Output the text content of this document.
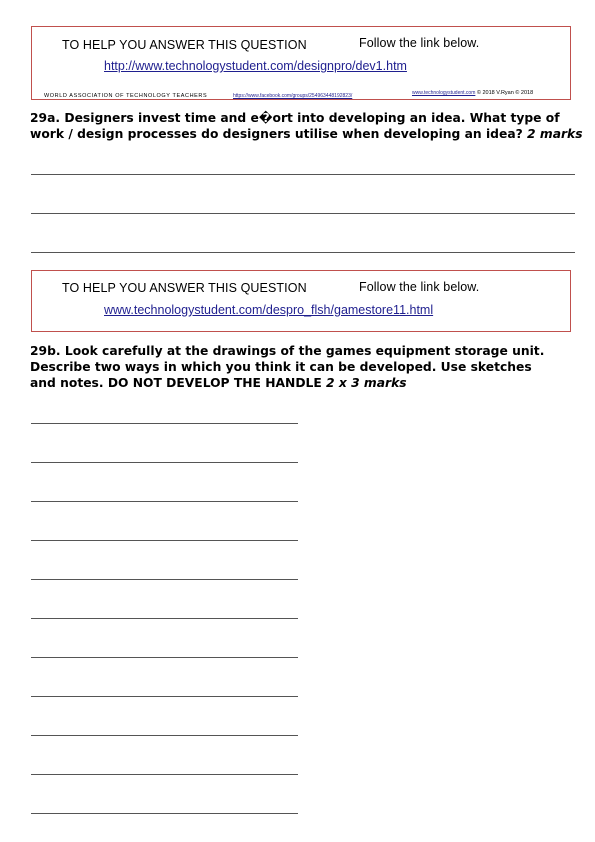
TO HELP YOU ANSWER THIS QUESTION	Follow the link below.
http://www.technologystudent.com/designpro/dev1.htm
WORLD ASSOCIATION OF TECHNOLOGY TEACHERS	https://www.facebook.com/groups/254963448192823/	www.technologystudent.com © 2018 V.Ryan © 2018
29a. Designers invest time and e�ort into developing an idea. What type of work / design processes do designers utilise when developing an idea? 2 marks
TO HELP YOU ANSWER THIS QUESTION	Follow the link below.
www.technologystudent.com/despro_flsh/gamestore11.html
29b. Look carefully at the drawings of the games equipment storage unit. Describe two ways in which you think it can be developed. Use sketches and notes. DO NOT DEVELOP THE HANDLE 2 x 3 marks
